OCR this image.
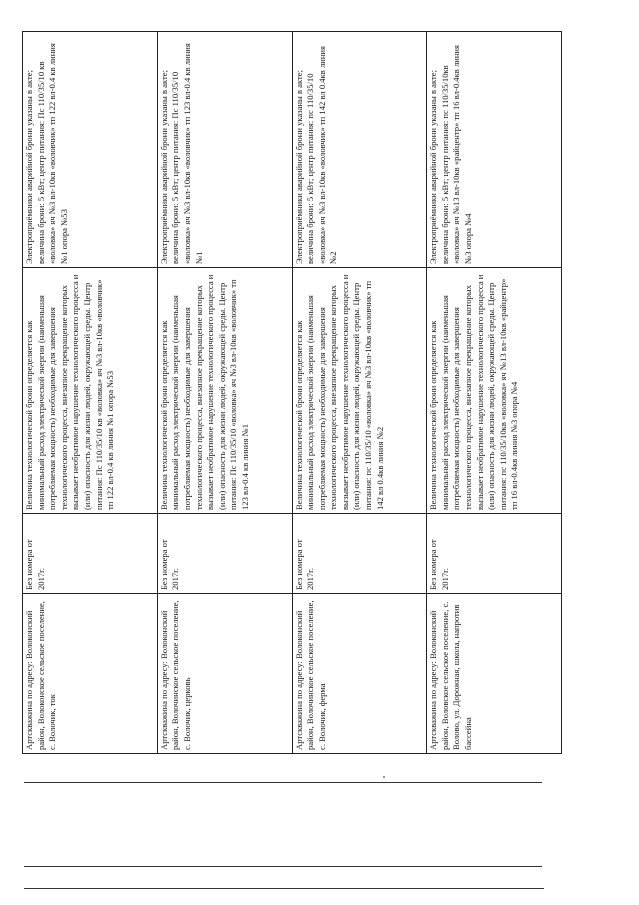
Артскважина по адресу: Волоконский район, Волоконское сельское поселение, с. Волочик, ток	Без номера от 2017г.	Величина технологической брони определяется как минимальный расход электрической энергии (наименьшая потребляемая мощность) необходимые для завершения технологического процесса, внезапное прекращение которых вызывает необратимое нарушение технологического процесса и (или) опасность для жизни людей, окружающей среды. Центр питания: Пс 110/35/10 кв «воловка» яч №3 вл-10кв «воловчик» тп 122 вл-0.4 кв линия №1 опора №53	Электроприёмники аварийной брони указаны в акте; величина брони: 5 кВт; центр питания: Пс 110/35/10 кв «воловка» яч №3 вл-10кв «воловчик» тп 122 вл-0.4 кв линия №1 опора №53
Артскважина по адресу: Волоконский район, Волочинское сельское поселение, с. Волочик, церковь	Без номера от 2017г.	Величина технологической брони определяется как минимальный расход электрической энергии (наименьшая потребляемая мощность) необходимые для завершения технологического процесса, внезапное прекращение которых вызывает необратимое нарушение технологического процесса и (или) опасность для жизни людей, окружающей среды. Центр питания: Пс 110/35/10 «воловка» яч №3 вл-10кв «воловчик» тп 123 вл-0.4 кв линия №1	Электроприёмники аварийной брони указаны в акте; величина брони: 5 кВт; центр питания: Пс 110/35/10 «воловка» яч №3 вл-10кв «воловчик» тп 123 вл-0.4 кв линия №1
Артскважина по адресу: Волоконский район, Волочинское сельское поселение, с. Волочик, ферма	Без номера от 2017г.	Величина технологической брони определяется как минимальный расход электрической энергии (наименьшая потребляемая мощность) необходимые для завершения технологического процесса, внезапное прекращение которых вызывает необратимое нарушение технологического процесса и (или) опасность для жизни людей, окружающей среды. Центр питания: пс 110/35/10 «воловка» яч №3 вл-10кв «воловчик» тп 142 вл 0.4кв линия №2	Электроприёмники аварийной брони указаны в акте; величина брони: 5 кВт; центр питания: пс 110/35/10 «воловка» яч №3 вл-10кв «воловчик» тп 142 вл 0.4кв линия №2
Артскважина по адресу: Волоконский район, Воловское сельское поселение, с. Волово, ул. Дорожная, школа, напротив бассейна	Без номера от 2017г.	Величина технологической брони определяется как минимальный расход электрической энергии (наименьшая потребляемая мощность) необходимые для завершения технологического процесса, внезапное прекращение которых вызывает необратимое нарушение технологического процесса и (или) опасность для жизни людей, окружающей среды. Центр питания: пс 110/35/10кв «воловка» яч №13 вл-10кв «райцентр» тп 16 вл-0.4кв линия №3 опора №4	Электроприёмники аварийной брони указаны в акте; величина брони: 5 кВт; центр питания: пс 110/35/10кв «воловка» яч №13 вл-10кв «райцентр» тп 16 вл-0.4кв линия №3 опора №4
